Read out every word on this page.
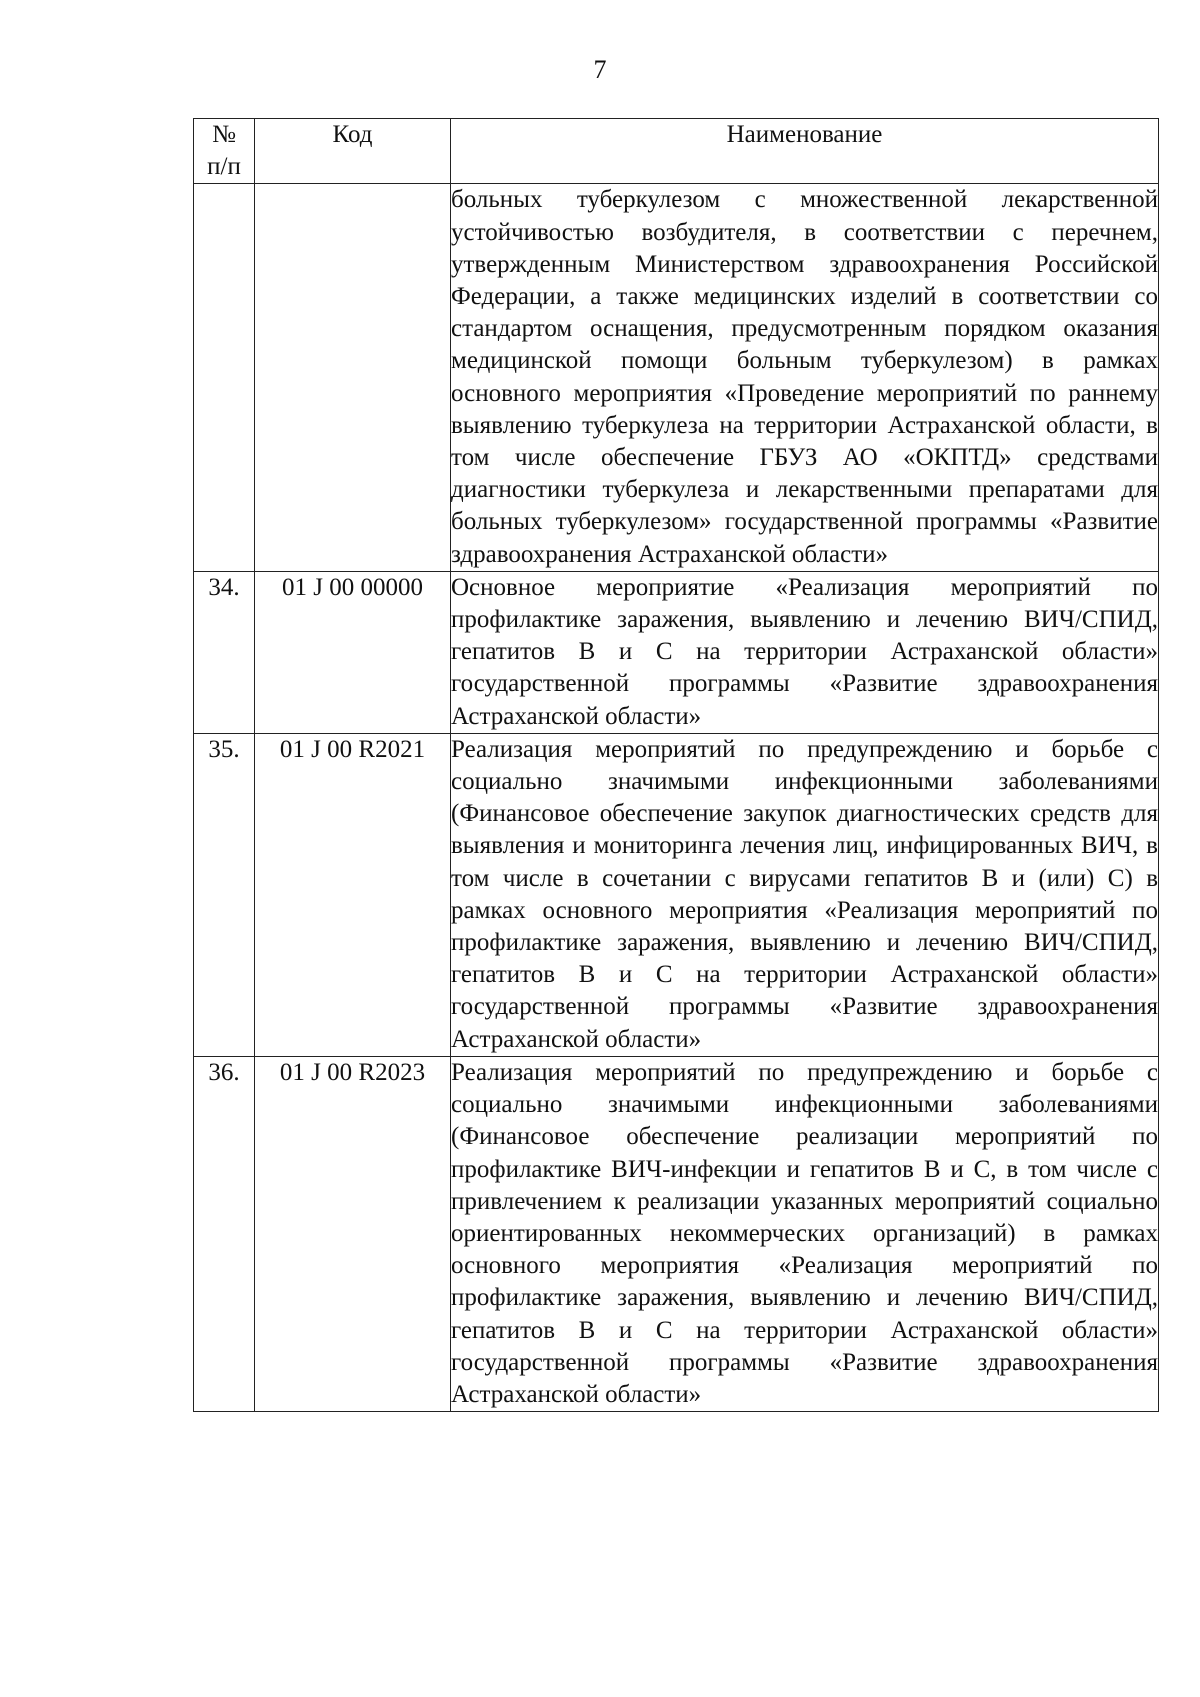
7
№
п/п	Код	Наименование
		больных туберкулезом с множественной лекарственной устойчивостью возбудителя, в соответствии с перечнем, утвержденным Министерством здравоохранения Российской Федерации, а также медицинских изделий в соответствии со стандартом оснащения, предусмотренным порядком оказания медицинской помощи больным туберкулезом) в рамках основного мероприятия «Проведение мероприятий по раннему выявлению туберкулеза на территории Астраханской области, в том числе обеспечение ГБУЗ АО «ОКПТД» средствами диагностики туберкулеза и лекарственными препаратами для больных туберкулезом» государственной программы «Развитие здравоохранения Астраханской области»
34.	01 J 00 00000	Основное мероприятие «Реализация мероприятий по профилактике заражения, выявлению и лечению ВИЧ/СПИД, гепатитов В и С на территории Астраханской области» государственной программы «Развитие здравоохранения Астраханской области»
35.	01 J 00 R2021	Реализация мероприятий по предупреждению и борьбе с социально значимыми инфекционными заболеваниями (Финансовое обеспечение закупок диагностических средств для выявления и мониторинга лечения лиц, инфицированных ВИЧ, в том числе в сочетании с вирусами гепатитов В и (или) С) в рамках основного мероприятия «Реализация мероприятий по профилактике заражения, выявлению и лечению ВИЧ/СПИД, гепатитов В и С на территории Астраханской области» государственной программы «Развитие здравоохранения Астраханской области»
36.	01 J 00 R2023	Реализация мероприятий по предупреждению и борьбе с социально значимыми инфекционными заболеваниями (Финансовое обеспечение реализации мероприятий по профилактике ВИЧ-инфекции и гепатитов В и С, в том числе с привлечением к реализации указанных мероприятий социально ориентированных некоммерческих организаций) в рамках основного мероприятия «Реализация мероприятий по профилактике заражения, выявлению и лечению ВИЧ/СПИД, гепатитов В и С на территории Астраханской области» государственной программы «Развитие здравоохранения Астраханской области»
